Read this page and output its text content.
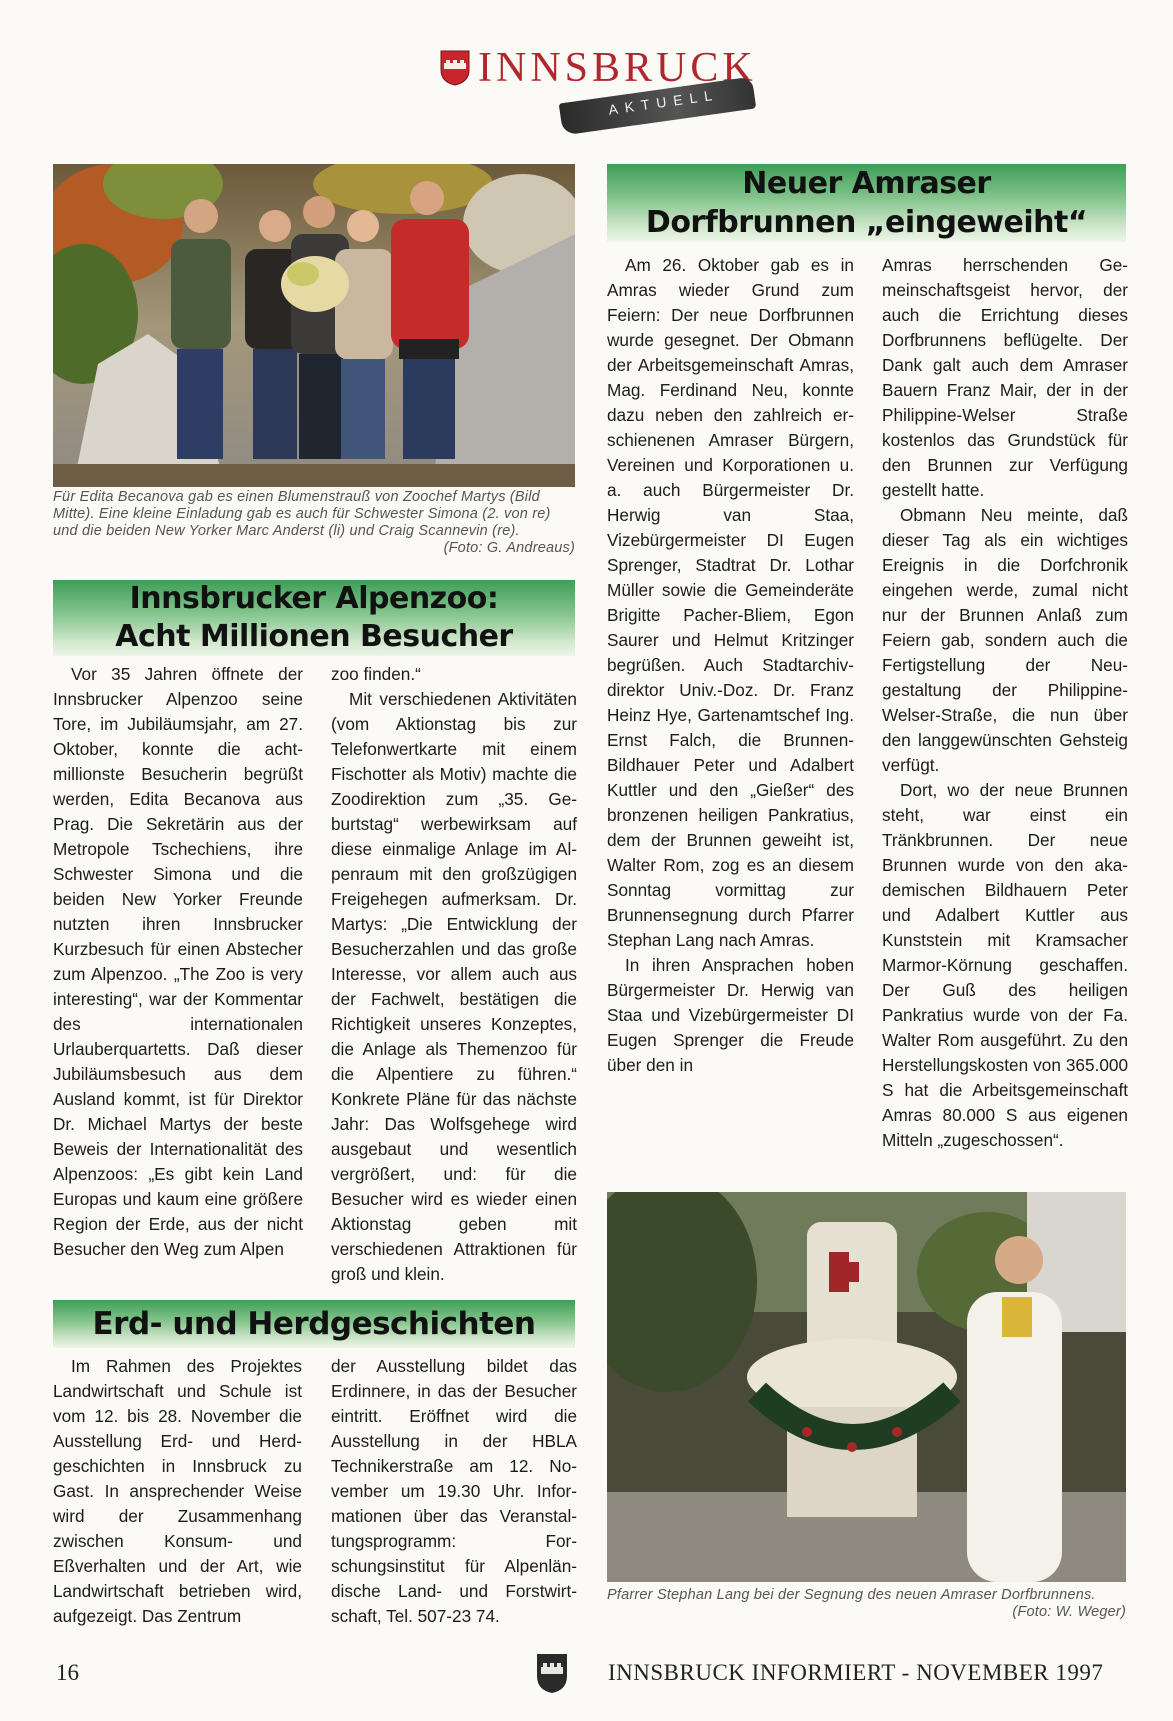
INNSBRUCK
AKTUELL
Für Edita Becanova gab es einen Blumenstrauß von Zoochef Martys (Bild Mitte). Eine kleine Einladung gab es auch für Schwester Simona (2. von re) und die beiden New Yorker Marc Anderst (li) und Craig Scannevin (re).
(Foto: G. Andreaus)
Innsbrucker Alpenzoo:
Acht Millionen Besucher

Vor 35 Jahren öffnete der Innsbrucker Alpenzoo seine Tore, im Jubiläumsjahr, am 27. Oktober, konnte die achtmillionste Besucherin begrüßt werden, Edita Becanova aus Prag. Die Sekretärin aus der Metropole Tschechiens, ihre Schwester Simona und die beiden New Yorker Freunde nutzten ihren Innsbrucker Kurzbesuch für einen Abstecher zum Alpenzoo. „The Zoo is very interesting“, war der Kommentar des internationalen Urlauberquartetts. Daß dieser Jubiläumsbesuch aus dem Ausland kommt, ist für Direktor Dr. Michael Martys der beste Beweis der Internationalität des Alpenzoos: „Es gibt kein Land Europas und kaum eine größere Region der Erde, aus der nicht Besucher den Weg zum Alpen

zoo finden.“

Mit verschiedenen Aktivitäten (vom Aktionstag bis zur Telefonwertkarte mit einem Fischotter als Motiv) machte die Zoodirektion zum „35. Geburtstag“ werbewirksam auf diese einmalige Anlage im Alpenraum mit den großzügigen Freigehegen aufmerksam. Dr. Martys: „Die Entwicklung der Besucherzahlen und das große Interesse, vor allem auch aus der Fachwelt, bestätigen die Richtigkeit unseres Konzeptes, die Anlage als Themenzoo für die Alpentiere zu führen.“ Konkrete Pläne für das nächste Jahr: Das Wolfsgehege wird ausgebaut und wesentlich vergrößert, und: für die Besucher wird es wieder einen Aktionstag geben mit verschiedenen Attraktionen für groß und klein.

Erd- und Herdgeschichten

Im Rahmen des Projektes Landwirtschaft und Schule ist vom 12. bis 28. November die Ausstellung Erd- und Herdgeschichten in Innsbruck zu Gast. In ansprechender Weise wird der Zusammenhang zwischen Konsum- und Eßverhalten und der Art, wie Landwirtschaft betrieben wird, aufgezeigt. Das Zentrum

der Ausstellung bildet das Erdinnere, in das der Besucher eintritt. Eröffnet wird die Ausstellung in der HBLA Technikerstraße am 12. November um 19.30 Uhr. Informationen über das Veranstaltungsprogramm: Forschungsinstitut für Alpenländische Land- und Forstwirtschaft, Tel. 507-23 74.

Neuer Amraser
Dorfbrunnen „eingeweiht“

Am 26. Oktober gab es in Amras wieder Grund zum Feiern: Der neue Dorfbrunnen wurde gesegnet. Der Obmann der Arbeitsgemeinschaft Amras, Mag. Ferdinand Neu, konnte dazu neben den zahlreich erschienenen Amraser Bürgern, Vereinen und Korporationen u. a. auch Bürgermeister Dr. Herwig van Staa, Vizebürgermeister DI Eugen Sprenger, Stadtrat Dr. Lothar Müller sowie die Gemeinderäte Brigitte Pacher-Bliem, Egon Saurer und Helmut Kritzinger begrüßen. Auch Stadtarchivdirektor Univ.-Doz. Dr. Franz Heinz Hye, Gartenamtschef Ing. Ernst Falch, die Brunnen-Bildhauer Peter und Adalbert Kuttler und den „Gießer“ des bronzenen heiligen Pankratius, dem der Brunnen geweiht ist, Walter Rom, zog es an diesem Sonntag vormittag zur Brunnensegnung durch Pfarrer Stephan Lang nach Amras.

In ihren Ansprachen hoben Bürgermeister Dr. Herwig van Staa und Vizebürgermeister DI Eugen Sprenger die Freude über den in

Amras herrschenden Gemeinschaftsgeist hervor, der auch die Errichtung dieses Dorfbrunnens beflügelte. Der Dank galt auch dem Amraser Bauern Franz Mair, der in der Philippine-Welser Straße kostenlos das Grundstück für den Brunnen zur Verfügung gestellt hatte.

Obmann Neu meinte, daß dieser Tag als ein wichtiges Ereignis in die Dorfchronik eingehen werde, zumal nicht nur der Brunnen Anlaß zum Feiern gab, sondern auch die Fertigstellung der Neugestaltung der Philippine-Welser-Straße, die nun über den langgewünschten Gehsteig verfügt.

Dort, wo der neue Brunnen steht, war einst ein Tränkbrunnen. Der neue Brunnen wurde von den akademischen Bildhauern Peter und Adalbert Kuttler aus Kunststein mit Kramsacher Marmor-Körnung geschaffen. Der Guß des heiligen Pankratius wurde von der Fa. Walter Rom ausgeführt. Zu den Herstellungskosten von 365.000 S hat die Arbeitsgemeinschaft Amras 80.000 S aus eigenen Mitteln „zugeschossen“.

Pfarrer Stephan Lang bei der Segnung des neuen Amraser Dorfbrunnens.
(Foto: W. Weger)
16	INNSBRUCK INFORMIERT - NOVEMBER 1997
